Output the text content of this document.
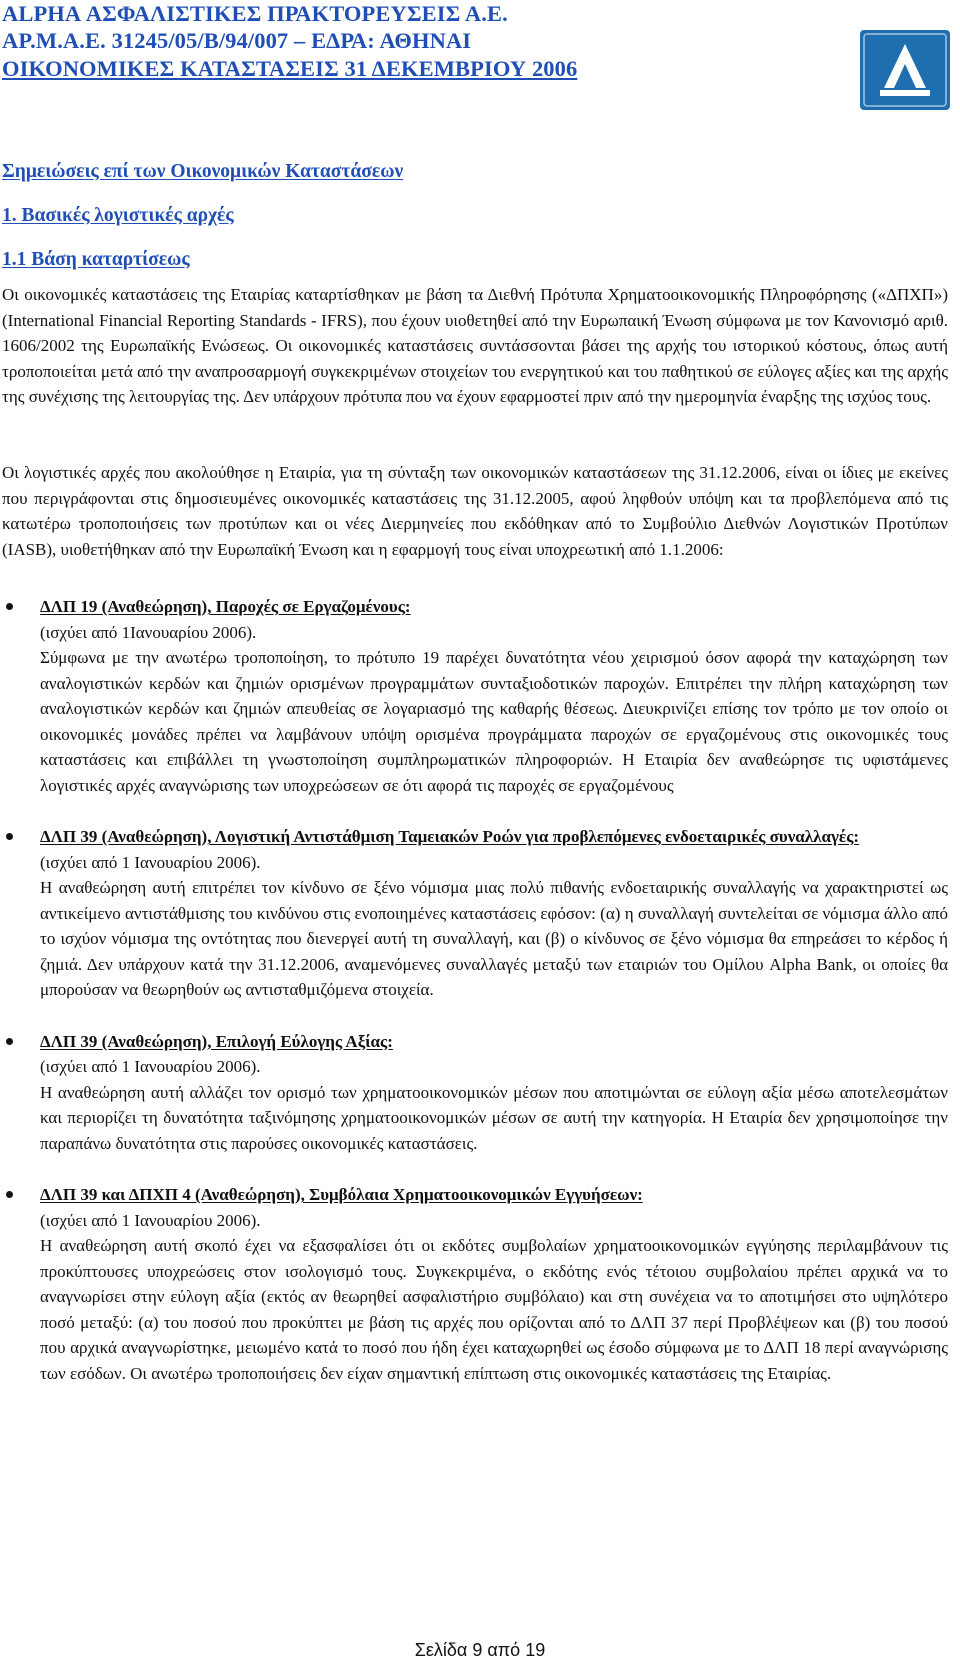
ALPHA ΑΣΦΑΛΙΣΤΙΚΕΣ ΠΡΑΚΤΟΡΕΥΣΕΙΣ Α.Ε.
ΑΡ.Μ.Α.Ε. 31245/05/Β/94/007 – ΕΔΡΑ: ΑΘΗΝΑΙ
ΟΙΚΟΝΟΜΙΚΕΣ ΚΑΤΑΣΤΑΣΕΙΣ 31 ΔΕΚΕΜΒΡΙΟΥ 2006
Σημειώσεις επί των Οικονομικών Καταστάσεων
1. Βασικές λογιστικές αρχές
1.1 Βάση καταρτίσεως

Οι οικονομικές καταστάσεις της Εταιρίας καταρτίσθηκαν με βάση τα Διεθνή Πρότυπα Χρηματοοικονομικής Πληροφόρησης («ΔΠΧΠ») (International Financial Reporting Standards - IFRS), που έχουν υιοθετηθεί από την Ευρωπαική Ένωση σύμφωνα με τον Κανονισμό αριθ. 1606/2002 της Ευρωπαϊκής Ενώσεως. Οι οικονομικές καταστάσεις συντάσσονται βάσει της αρχής του ιστορικού κόστους, όπως αυτή τροποποιείται μετά από την αναπροσαρμογή συγκεκριμένων στοιχείων του ενεργητικού και του παθητικού σε εύλογες αξίες και της αρχής της συνέχισης της λειτουργίας της. Δεν υπάρχουν πρότυπα που να έχουν εφαρμοστεί πριν από την ημερομηνία έναρξης της ισχύος τους.

Οι λογιστικές αρχές που ακολούθησε η Εταιρία, για τη σύνταξη των οικονομικών καταστάσεων της 31.12.2006, είναι οι ίδιες με εκείνες που περιγράφονται στις δημοσιευμένες οικονομικές καταστάσεις της 31.12.2005, αφού ληφθούν υπόψη και τα προβλεπόμενα από τις κατωτέρω τροποποιήσεις των προτύπων και οι νέες Διερμηνείες που εκδόθηκαν από το Συμβούλιο Διεθνών Λογιστικών Προτύπων (IASB), υιοθετήθηκαν από την Ευρωπαϊκή Ένωση και η εφαρμογή τους είναι υποχρεωτική από 1.1.2006:

ΔΛΠ 19 (Αναθεώρηση), Παροχές σε Εργαζομένους:

(ισχύει από 1Ιανουαρίου 2006).

Σύμφωνα με την ανωτέρω τροποποίηση, το πρότυπο 19 παρέχει δυνατότητα νέου χειρισμού όσον αφορά την καταχώρηση των αναλογιστικών κερδών και ζημιών ορισμένων προγραμμάτων συνταξιοδοτικών παροχών. Επιτρέπει την πλήρη καταχώρηση των αναλογιστικών κερδών και ζημιών απευθείας σε λογαριασμό της καθαρής θέσεως. Διευκρινίζει επίσης τον τρόπο με τον οποίο οι οικονομικές μονάδες πρέπει να λαμβάνουν υπόψη ορισμένα προγράμματα παροχών σε εργαζομένους στις οικονομικές τους καταστάσεις και επιβάλλει τη γνωστοποίηση συμπληρωματικών πληροφοριών. Η Εταιρία δεν αναθεώρησε τις υφιστάμενες λογιστικές αρχές αναγνώρισης των υποχρεώσεων σε ότι αφορά τις παροχές σε εργαζομένους

ΔΛΠ 39 (Αναθεώρηση), Λογιστική Αντιστάθμιση Ταμειακών Ροών για προβλεπόμενες ενδοεταιρικές συναλλαγές:

(ισχύει από 1 Ιανουαρίου 2006).

Η αναθεώρηση αυτή επιτρέπει τον κίνδυνο σε ξένο νόμισμα μιας πολύ πιθανής ενδοεταιρικής συναλλαγής να χαρακτηριστεί ως αντικείμενο αντιστάθμισης του κινδύνου στις ενοποιημένες καταστάσεις εφόσον: (α) η συναλλαγή συντελείται σε νόμισμα άλλο από το ισχύον νόμισμα της οντότητας που διενεργεί αυτή τη συναλλαγή, και (β) ο κίνδυνος σε ξένο νόμισμα θα επηρεάσει το κέρδος ή ζημιά. Δεν υπάρχουν κατά την 31.12.2006, αναμενόμενες συναλλαγές μεταξύ των εταιριών του Ομίλου Alpha Bank, οι οποίες θα μπορούσαν να θεωρηθούν ως αντισταθμιζόμενα στοιχεία.

ΔΛΠ 39 (Αναθεώρηση), Επιλογή Εύλογης Αξίας:

(ισχύει από 1 Ιανουαρίου 2006).

Η αναθεώρηση αυτή αλλάζει τον ορισμό των χρηματοοικονομικών μέσων που αποτιμώνται σε εύλογη αξία μέσω αποτελεσμάτων και περιορίζει τη δυνατότητα ταξινόμησης χρηματοοικονομικών μέσων σε αυτή την κατηγορία. Η Εταιρία δεν χρησιμοποίησε την παραπάνω δυνατότητα στις παρούσες οικονομικές καταστάσεις.

ΔΛΠ 39 και ΔΠΧΠ 4 (Αναθεώρηση), Συμβόλαια Χρηματοοικονομικών Εγγυήσεων:

(ισχύει από 1 Ιανουαρίου 2006).

Η αναθεώρηση αυτή σκοπό έχει να εξασφαλίσει ότι οι εκδότες συμβολαίων χρηματοοικονομικών εγγύησης περιλαμβάνουν τις προκύπτουσες υποχρεώσεις στον ισολογισμό τους. Συγκεκριμένα, ο εκδότης ενός τέτοιου συμβολαίου πρέπει αρχικά να το αναγνωρίσει στην εύλογη αξία (εκτός αν θεωρηθεί ασφαλιστήριο συμβόλαιο) και στη συνέχεια να το αποτιμήσει στο υψηλότερο ποσό μεταξύ: (α) του ποσού που προκύπτει με βάση τις αρχές που ορίζονται από το ΔΛΠ 37 περί Προβλέψεων και (β) του ποσού που αρχικά αναγνωρίστηκε, μειωμένο κατά το ποσό που ήδη έχει καταχωρηθεί ως έσοδο σύμφωνα με το ΔΛΠ 18 περί αναγνώρισης των εσόδων. Οι ανωτέρω τροποποιήσεις δεν είχαν σημαντική επίπτωση στις οικονομικές καταστάσεις της Εταιρίας.

Σελίδα 9 από 19
